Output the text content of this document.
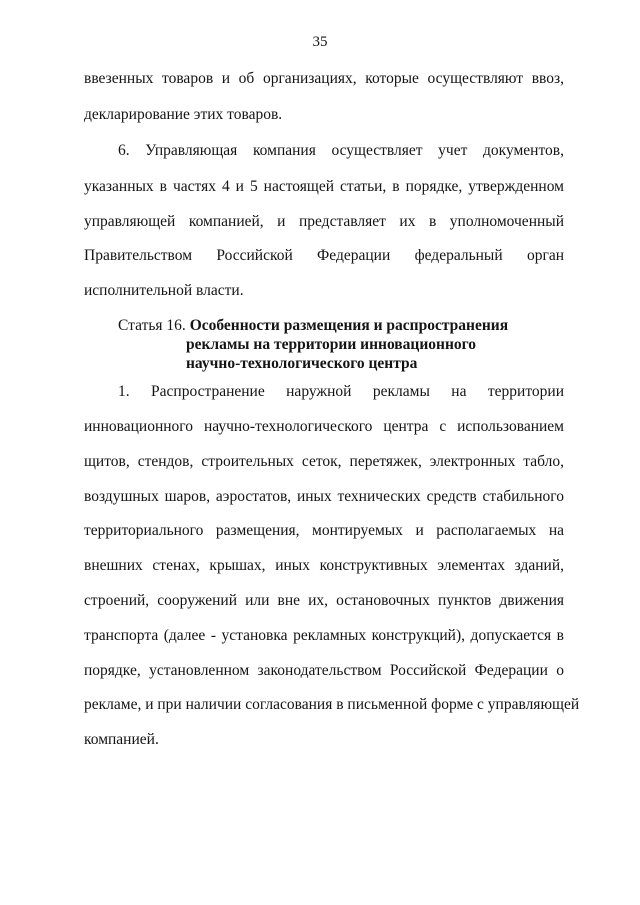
35
ввезенных товаров и об организациях, которые осуществляют ввоз,
декларирование этих товаров.
6. Управляющая компания осуществляет учет документов,
указанных в частях 4 и 5 настоящей статьи, в порядке, утвержденном
управляющей компанией, и представляет их в уполномоченный
Правительством Российской Федерации федеральный орган
исполнительной власти.
Статья 16. Особенности размещения и распространения
рекламы на территории инновационного
научно-технологического центра
1. Распространение наружной рекламы на территории
инновационного научно-технологического центра с использованием
щитов, стендов, строительных сеток, перетяжек, электронных табло,
воздушных шаров, аэростатов, иных технических средств стабильного
территориального размещения, монтируемых и располагаемых на
внешних стенах, крышах, иных конструктивных элементах зданий,
строений, сооружений или вне их, остановочных пунктов движения
транспорта (далее - установка рекламных конструкций), допускается в
порядке, установленном законодательством Российской Федерации о
рекламе, и при наличии согласования в письменной форме с управляющей
компанией.
